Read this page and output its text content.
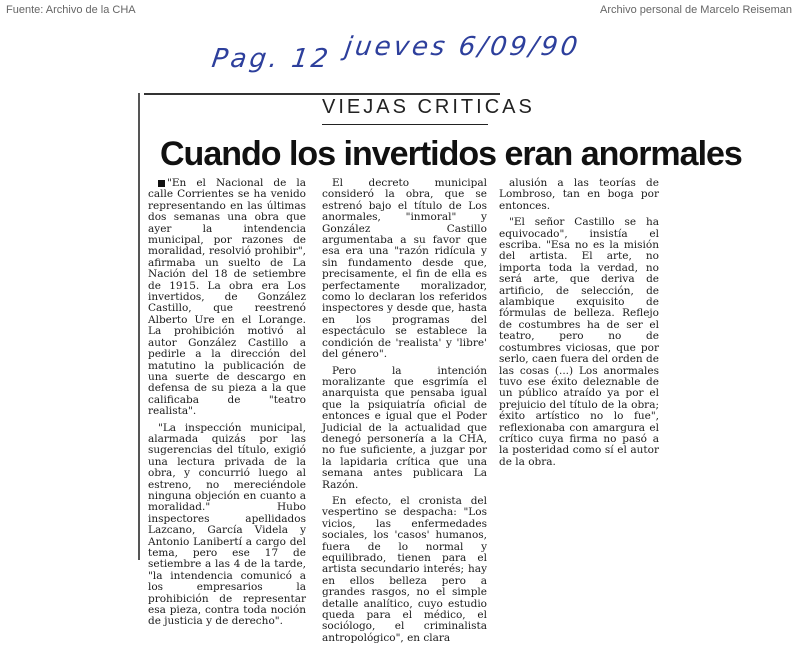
Fuente: Archivo de la CHA	Archivo personal de Marcelo Reiseman
Pag. 12 jueves 6/09/90
VIEJAS CRITICAS
Cuando los invertidos eran anormales

"En el Nacional de la calle Corrientes se ha venido representando en las últimas dos semanas una obra que ayer la intendencia municipal, por razones de moralidad, resolvió prohibir", afirmaba un suelto de La Nación del 18 de setiembre de 1915. La obra era Los invertidos, de González Castillo, que reestrenó Alberto Ure en el Lorange. La prohibición motivó al autor González Castillo a pedirle a la dirección del matutino la publicación de una suerte de descargo en defensa de su pieza a la que calificaba de "teatro realista".

"La inspección municipal, alarmada quizás por las sugerencias del título, exigió una lectura privada de la obra, y concurrió luego al estreno, no mereciéndole ninguna objeción en cuanto a moralidad." Hubo inspectores apellidados Lazcano, García Videla y Antonio Lanibertí a cargo del tema, pero ese 17 de setiembre a las 4 de la tarde, "la intendencia comunicó a los empresarios la prohibición de representar esa pieza, contra toda noción de justicia y de derecho".

El decreto municipal consideró la obra, que se estrenó bajo el título de Los anormales, "inmoral" y González Castillo argumentaba a su favor que esa era una "razón ridícula y sin fundamento desde que, precisamente, el fin de ella es perfectamente moralizador, como lo declaran los referidos inspectores y desde que, hasta en los programas del espectáculo se establece la condición de 'realista' y 'libre' del género".

Pero la intención moralizante que esgrimía el anarquista que pensaba igual que la psiquiatría oficial de entonces e igual que el Poder Judicial de la actualidad que denegó personería a la CHA, no fue suficiente, a juzgar por la lapidaria crítica que una semana antes publicara La Razón.

En efecto, el cronista del vespertino se despacha: "Los vicios, las enfermedades sociales, los 'casos' humanos, fuera de lo normal y equilibrado, tienen para el artista secundario interés; hay en ellos belleza pero a grandes rasgos, no el simple detalle analítico, cuyo estudio queda para el médico, el sociólogo, el criminalista antropológico", en clara

alusión a las teorías de Lombroso, tan en boga por entonces.

"El señor Castillo se ha equivocado", insistía el escriba. "Esa no es la misión del artista. El arte, no importa toda la verdad, no será arte, que deriva de artificio, de selección, de alambique exquisito de fórmulas de belleza. Reflejo de costumbres ha de ser el teatro, pero no de costumbres viciosas, que por serlo, caen fuera del orden de las cosas (...) Los anormales tuvo ese éxito deleznable de un público atraído ya por el prejuicio del título de la obra; éxito artístico no lo fue", reflexionaba con amargura el crítico cuya firma no pasó a la posteridad como sí el autor de la obra.
